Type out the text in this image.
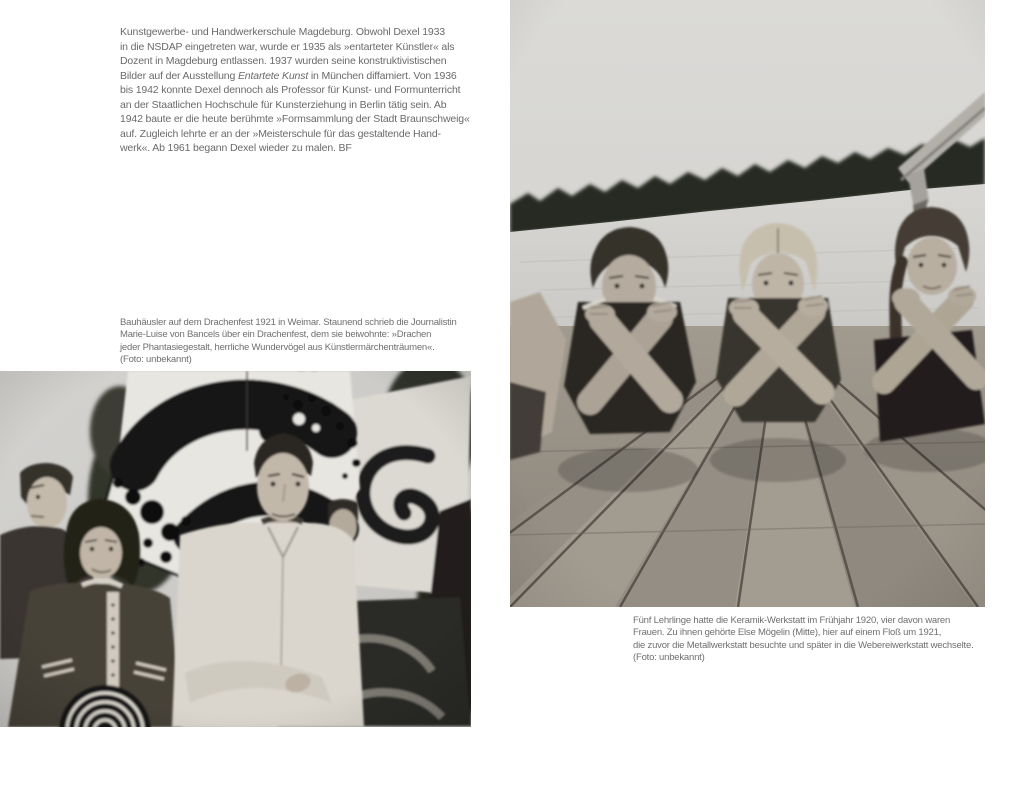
Kunstgewerbe- und Handwerkerschule Magdeburg. Obwohl Dexel 1933
in die NSDAP eingetreten war, wurde er 1935 als »entarteter Künstler« als
Dozent in Magdeburg entlassen. 1937 wurden seine konstruktivistischen
Bilder auf der Ausstellung Entartete Kunst in München diffamiert. Von 1936
bis 1942 konnte Dexel dennoch als Professor für Kunst- und Formunterricht
an der Staatlichen Hochschule für Kunsterziehung in Berlin tätig sein. Ab
1942 baute er die heute berühmte »Formsammlung der Stadt Braunschweig«
auf. Zugleich lehrte er an der »Meisterschule für das gestaltende Hand-
werk«. Ab 1961 begann Dexel wieder zu malen. BF
Bauhäusler auf dem Drachenfest 1921 in Weimar. Staunend schrieb die Journalistin
Marie-Luise von Bancels über ein Drachenfest, dem sie beiwohnte: »Drachen
jeder Phantasiegestalt, herrliche Wundervögel aus Künstlermärchenträumen«.
(Foto: unbekannt)
Fünf Lehrlinge hatte die Keramik-Werkstatt im Frühjahr 1920, vier davon waren
Frauen. Zu ihnen gehörte Else Mögelin (Mitte), hier auf einem Floß um 1921,
die zuvor die Metallwerkstatt besuchte und später in die Webereiwerkstatt wechselte.
(Foto: unbekannt)
